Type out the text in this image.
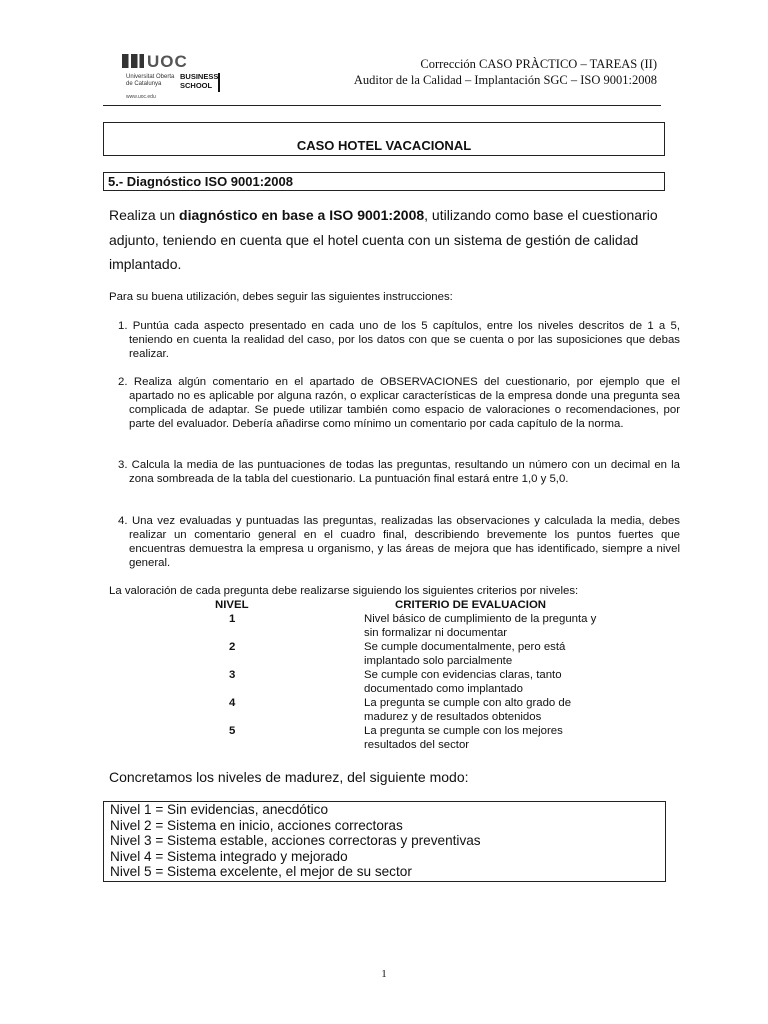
UOC
Universitat Oberta de Catalunya
BUSINESS SCHOOL
www.uoc.edu
Corrección CASO PRÀCTICO – TAREAS (II)
Auditor de la Calidad – Implantación SGC – ISO 9001:2008
CASO HOTEL VACACIONAL
5.- Diagnóstico ISO 9001:2008
Realiza un diagnóstico en base a ISO 9001:2008, utilizando como base el cuestionario adjunto, teniendo en cuenta que el hotel cuenta con un sistema de gestión de calidad implantado.
Para su buena utilización, debes seguir las siguientes instrucciones:
1. Puntúa cada aspecto presentado en cada uno de los 5 capítulos, entre los niveles descritos de 1 a 5, teniendo en cuenta la realidad del caso, por los datos con que se cuenta o por las suposiciones que debas realizar.
2. Realiza algún comentario en el apartado de OBSERVACIONES del cuestionario, por ejemplo que el apartado no es aplicable por alguna razón, o explicar características de la empresa donde una pregunta sea complicada de adaptar. Se puede utilizar también como espacio de valoraciones o recomendaciones, por parte del evaluador. Debería añadirse como mínimo un comentario por cada capítulo de la norma.
3. Calcula la media de las puntuaciones de todas las preguntas, resultando un número con un decimal en la zona sombreada de la tabla del cuestionario. La puntuación final estará entre 1,0 y 5,0.
4. Una vez evaluadas y puntuadas las preguntas, realizadas las observaciones y calculada la media, debes realizar un comentario general en el cuadro final, describiendo brevemente los puntos fuertes que encuentras demuestra la empresa u organismo, y las áreas de mejora que has identificado, siempre a nivel general.
La valoración de cada pregunta debe realizarse siguiendo los siguientes criterios por niveles:
NIVEL	CRITERIO DE EVALUACION
1	Nivel básico de cumplimiento de la pregunta y sin formalizar ni documentar
2	Se cumple documentalmente, pero está implantado solo parcialmente
3	Se cumple con evidencias claras, tanto documentado como implantado
4	La pregunta se cumple con alto grado de madurez y de resultados obtenidos
5	La pregunta se cumple con los mejores resultados del sector
Concretamos los niveles de madurez, del siguiente modo:
Nivel 1 = Sin evidencias, anecdótico
Nivel 2 = Sistema en inicio, acciones correctoras
Nivel 3 = Sistema estable, acciones correctoras y preventivas
Nivel 4 = Sistema integrado y mejorado
Nivel 5 = Sistema excelente, el mejor de su sector
1
